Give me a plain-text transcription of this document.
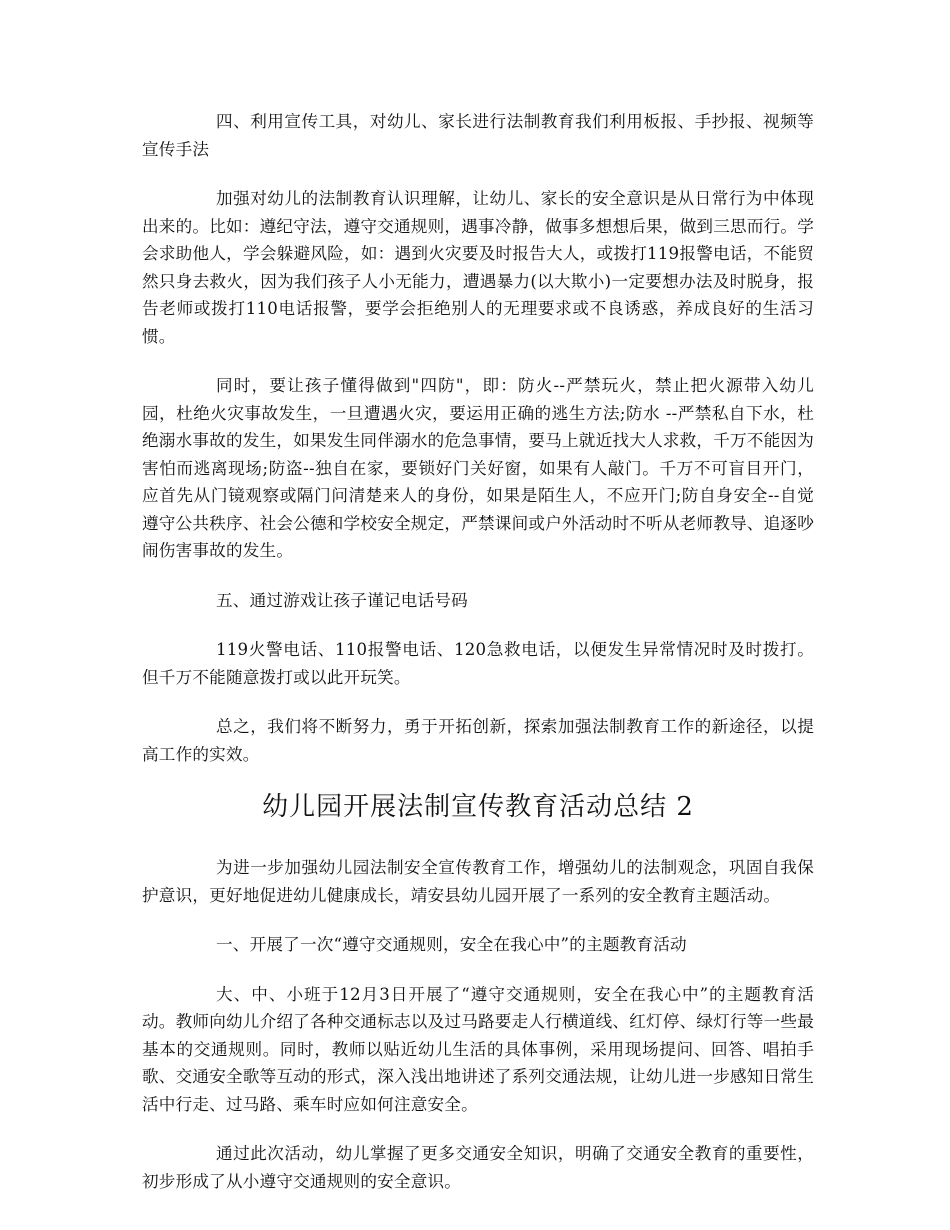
四、利用宣传工具，对幼儿、家长进行法制教育我们利用板报、手抄报、视频等宣传手法

加强对幼儿的法制教育认识理解，让幼儿、家长的安全意识是从日常行为中体现出来的。比如：遵纪守法，遵守交通规则，遇事冷静，做事多想想后果，做到三思而行。学会求助他人，学会躲避风险，如：遇到火灾要及时报告大人，或拨打119报警电话，不能贸然只身去救火，因为我们孩子人小无能力，遭遇暴力(以大欺小)一定要想办法及时脱身，报告老师或拨打110电话报警，要学会拒绝别人的无理要求或不良诱惑，养成良好的生活习惯。

同时，要让孩子懂得做到"四防"，即：防火--严禁玩火，禁止把火源带入幼儿园，杜绝火灾事故发生，一旦遭遇火灾，要运用正确的逃生方法;防水 --严禁私自下水，杜绝溺水事故的发生，如果发生同伴溺水的危急事情，要马上就近找大人求救，千万不能因为害怕而逃离现场;防盗--独自在家，要锁好门关好窗，如果有人敲门。千万不可盲目开门，应首先从门镜观察或隔门问清楚来人的身份，如果是陌生人，不应开门;防自身安全--自觉遵守公共秩序、社会公德和学校安全规定，严禁课间或户外活动时不听从老师教导、追逐吵闹伤害事故的发生。

五、通过游戏让孩子谨记电话号码

119火警电话、110报警电话、120急救电话，以便发生异常情况时及时拨打。但千万不能随意拨打或以此开玩笑。

总之，我们将不断努力，勇于开拓创新，探索加强法制教育工作的新途径，以提高工作的实效。

幼儿园开展法制宣传教育活动总结 2

为进一步加强幼儿园法制安全宣传教育工作，增强幼儿的法制观念，巩固自我保护意识，更好地促进幼儿健康成长，靖安县幼儿园开展了一系列的安全教育主题活动。

一、开展了一次“遵守交通规则，安全在我心中”的主题教育活动

大、中、小班于12月3日开展了“遵守交通规则，安全在我心中”的主题教育活动。教师向幼儿介绍了各种交通标志以及过马路要走人行横道线、红灯停、绿灯行等一些最基本的交通规则。同时，教师以贴近幼儿生活的具体事例，采用现场提问、回答、唱拍手歌、交通安全歌等互动的形式，深入浅出地讲述了系列交通法规，让幼儿进一步感知日常生活中行走、过马路、乘车时应如何注意安全。

通过此次活动，幼儿掌握了更多交通安全知识，明确了交通安全教育的重要性，初步形成了从小遵守交通规则的安全意识。
